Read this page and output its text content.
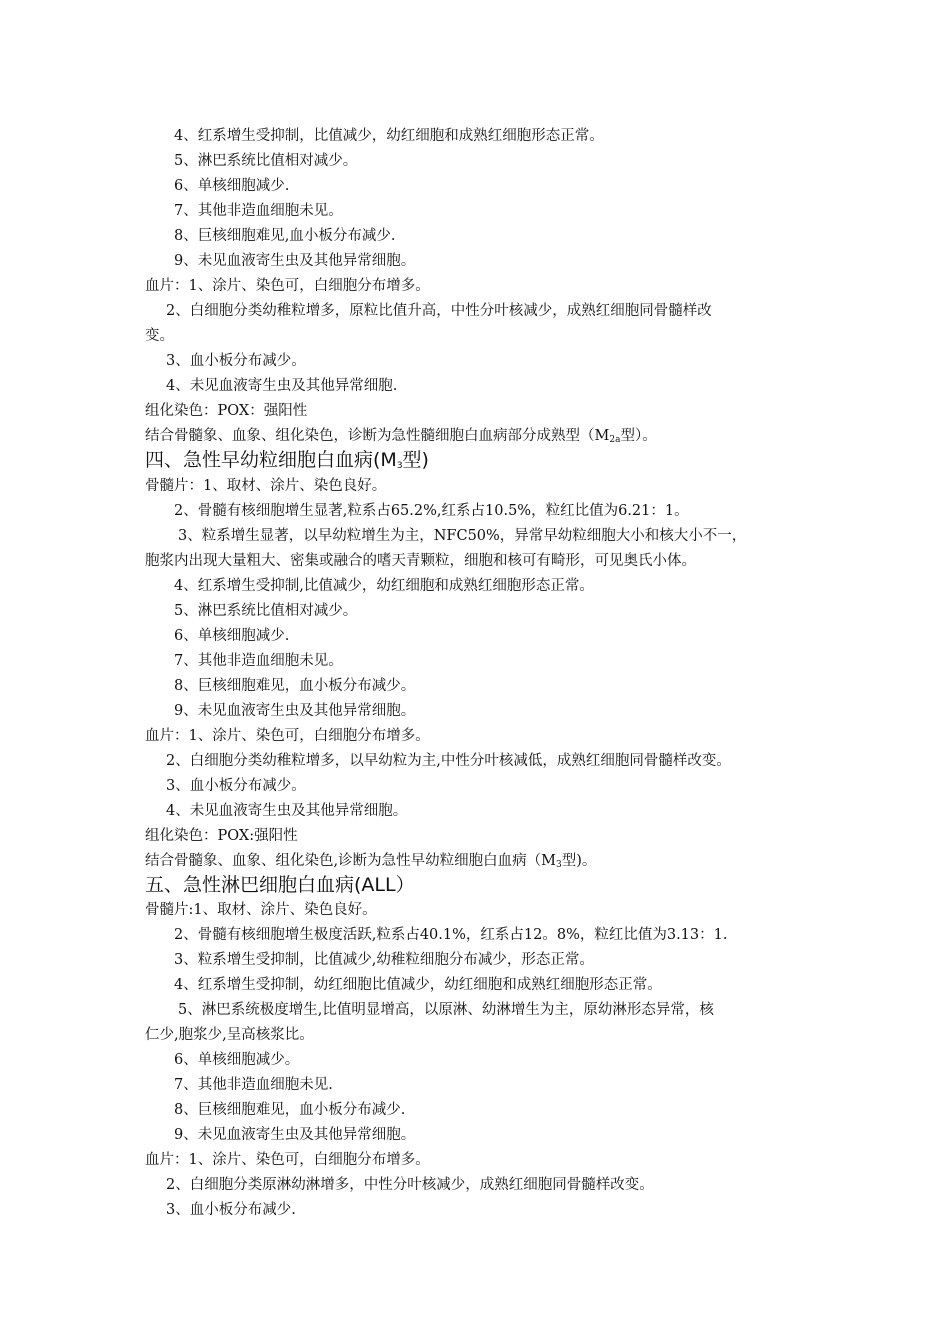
4、红系增生受抑制，比值减少，幼红细胞和成熟红细胞形态正常。
5、淋巴系统比值相对减少。
6、单核细胞减少.
7、其他非造血细胞未见。
8、巨核细胞难见,血小板分布减少.
9、未见血液寄生虫及其他异常细胞。
血片：1、涂片、染色可，白细胞分布增多。
2、白细胞分类幼稚粒增多，原粒比值升高，中性分叶核减少，成熟红细胞同骨髓样改
变。
3、血小板分布减少。
4、未见血液寄生虫及其他异常细胞.
组化染色：POX：强阳性
结合骨髓象、血象、组化染色，诊断为急性髓细胞白血病部分成熟型（$M_{2a}$型）。
四、急性早幼粒细胞白血病($M_3$型)
骨髓片：1、取材、涂片、染色良好。
2、骨髓有核细胞增生显著,粒系占65.2%,红系占10.5%，粒红比值为6.21：1。
3、粒系增生显著，以早幼粒增生为主，NFC50%，异常早幼粒细胞大小和核大小不一，
胞浆内出现大量粗大、密集或融合的嗜天青颗粒，细胞和核可有畸形，可见奥氏小体。
4、红系增生受抑制,比值减少，幼红细胞和成熟红细胞形态正常。
5、淋巴系统比值相对减少。
6、单核细胞减少.
7、其他非造血细胞未见。
8、巨核细胞难见，血小板分布减少。
9、未见血液寄生虫及其他异常细胞。
血片：1、涂片、染色可，白细胞分布增多。
2、白细胞分类幼稚粒增多，以早幼粒为主,中性分叶核减低，成熟红细胞同骨髓样改变。
3、血小板分布减少。
4、未见血液寄生虫及其他异常细胞。
组化染色：POX:强阳性
结合骨髓象、血象、组化染色,诊断为急性早幼粒细胞白血病（$M_3$型)。
五、急性淋巴细胞白血病(ALL）
骨髓片:1、取材、涂片、染色良好。
2、骨髓有核细胞增生极度活跃,粒系占40.1%，红系占12。8%，粒红比值为3.13：1.
3、粒系增生受抑制，比值减少,幼稚粒细胞分布减少，形态正常。
4、红系增生受抑制，幼红细胞比值减少，幼红细胞和成熟红细胞形态正常。
5、淋巴系统极度增生,比值明显增高，以原淋、幼淋增生为主，原幼淋形态异常，核
仁少,胞浆少,呈高核浆比。
6、单核细胞减少。
7、其他非造血细胞未见.
8、巨核细胞难见，血小板分布减少.
9、未见血液寄生虫及其他异常细胞。
血片：1、涂片、染色可，白细胞分布增多。
2、白细胞分类原淋幼淋增多，中性分叶核减少，成熟红细胞同骨髓样改变。
3、血小板分布减少.
